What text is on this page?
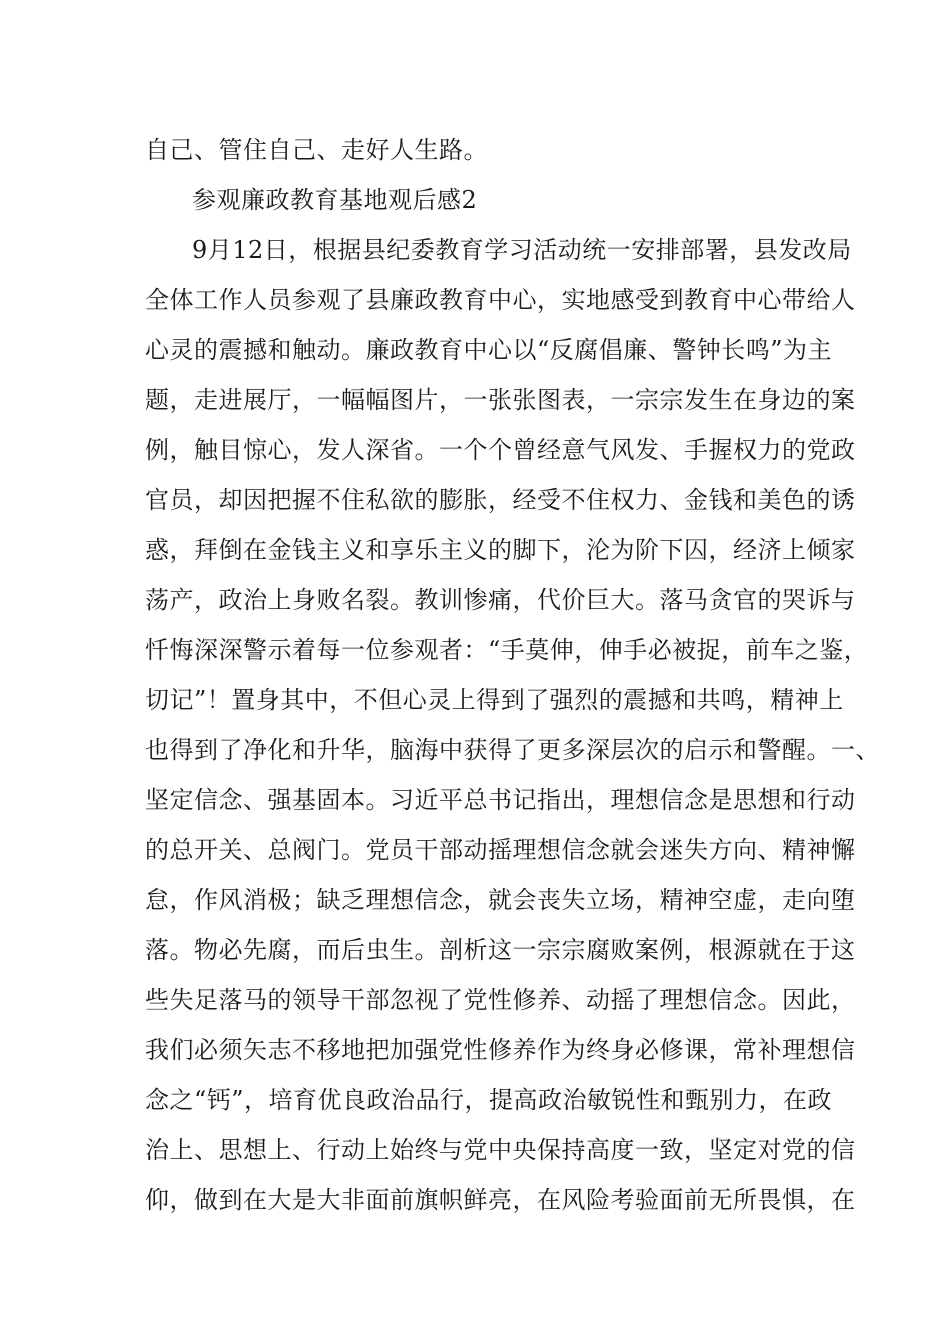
自己、管住自己、走好人生路。
参观廉政教育基地观后感2
9月12日，根据县纪委教育学习活动统一安排部署，县发改局
全体工作人员参观了县廉政教育中心，实地感受到教育中心带给人
心灵的震撼和触动。廉政教育中心以“反腐倡廉、警钟长鸣”为主
题，走进展厅，一幅幅图片，一张张图表，一宗宗发生在身边的案
例，触目惊心，发人深省。一个个曾经意气风发、手握权力的党政
官员，却因把握不住私欲的膨胀，经受不住权力、金钱和美色的诱
惑，拜倒在金钱主义和享乐主义的脚下，沦为阶下囚，经济上倾家
荡产，政治上身败名裂。教训惨痛，代价巨大。落马贪官的哭诉与
忏悔深深警示着每一位参观者：“手莫伸，伸手必被捉，前车之鉴，
切记”！置身其中，不但心灵上得到了强烈的震撼和共鸣，精神上
也得到了净化和升华，脑海中获得了更多深层次的启示和警醒。一、
坚定信念、强基固本。习近平总书记指出，理想信念是思想和行动
的总开关、总阀门。党员干部动摇理想信念就会迷失方向、精神懈
怠，作风消极；缺乏理想信念，就会丧失立场，精神空虚，走向堕
落。物必先腐，而后虫生。剖析这一宗宗腐败案例，根源就在于这
些失足落马的领导干部忽视了党性修养、动摇了理想信念。因此，
我们必须矢志不移地把加强党性修养作为终身必修课，常补理想信
念之“钙”，培育优良政治品行，提高政治敏锐性和甄别力，在政
治上、思想上、行动上始终与党中央保持高度一致，坚定对党的信
仰，做到在大是大非面前旗帜鲜亮，在风险考验面前无所畏惧，在
